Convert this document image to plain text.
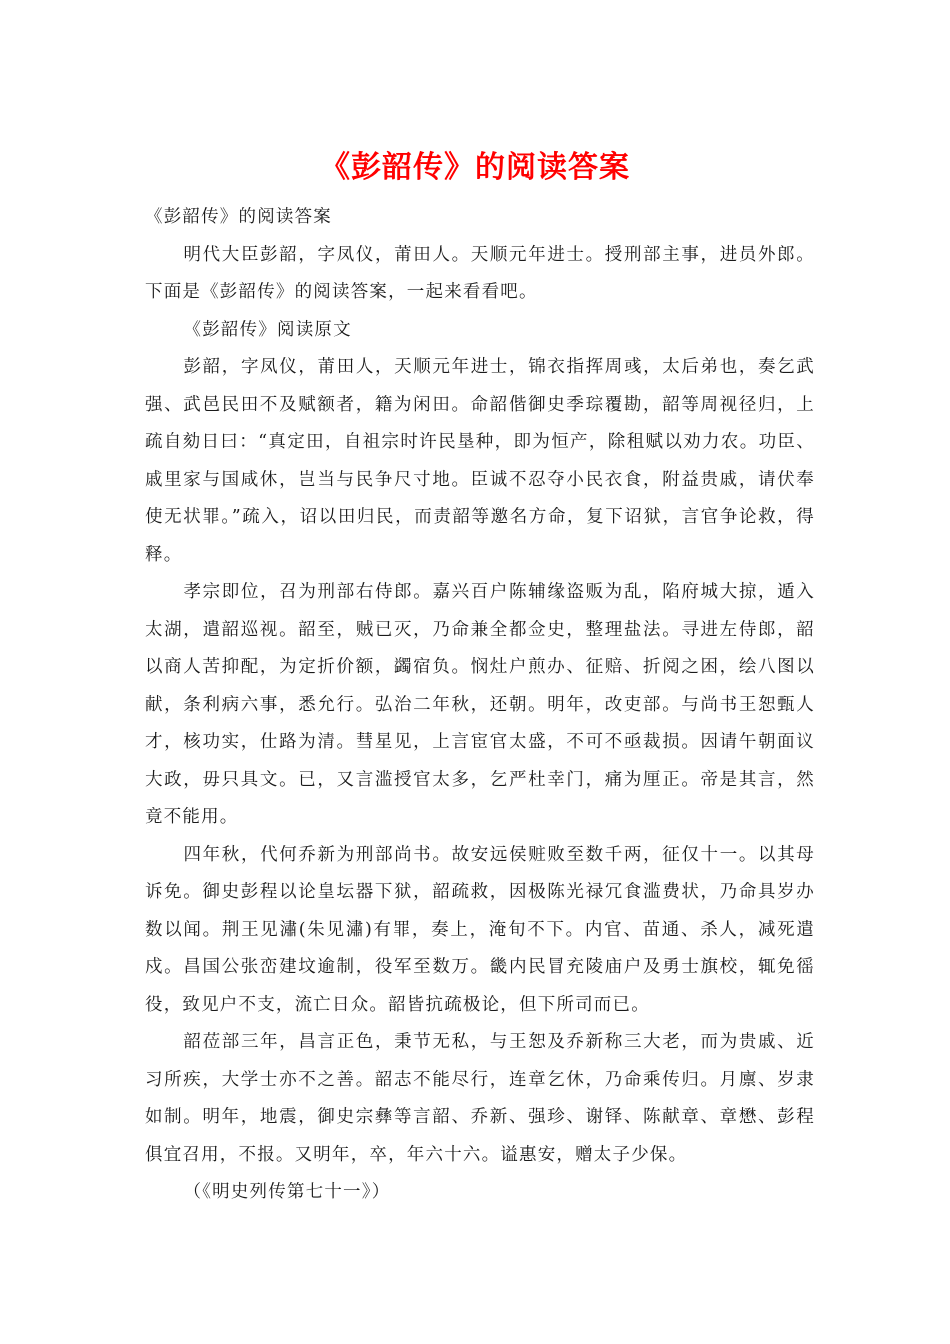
《彭韶传》的阅读答案

《彭韶传》的阅读答案

明代大臣彭韶，字凤仪，莆田人。天顺元年进士。授刑部主事，进员外郎。下面是《彭韶传》的阅读答案，一起来看看吧。

《彭韶传》阅读原文

彭韶，字凤仪，莆田人，天顺元年进士，锦衣指挥周彧，太后弟也，奏乞武强、武邑民田不及赋额者，籍为闲田。命韶偕御史季琮覆勘，韶等周视径归，上疏自劾日曰：“真定田，自祖宗时许民垦种，即为恒产，除租赋以劝力农。功臣、戚里家与国咸休，岂当与民争尺寸地。臣诚不忍夺小民衣食，附益贵戚，请伏奉使无状罪。”疏入，诏以田归民，而责韶等邀名方命，复下诏狱，言官争论救，得释。

孝宗即位，召为刑部右侍郎。嘉兴百户陈辅缘盗贩为乱，陷府城大掠，遁入太湖，遣韶巡视。韶至，贼已灭，乃命兼全都佥史，整理盐法。寻进左侍郎，韶以商人苦抑配，为定折价额，蠲宿负。悯灶户煎办、征赔、折阅之困，绘八图以献，条利病六事，悉允行。弘治二年秋，还朝。明年，改吏部。与尚书王恕甄人才，核功实，仕路为清。彗星见，上言宦官太盛，不可不亟裁损。因请午朝面议大政，毋只具文。已，又言滥授官太多，乞严杜幸门，痛为厘正。帝是其言，然竟不能用。

四年秋，代何乔新为刑部尚书。故安远侯赃败至数千两，征仅十一。以其母诉免。御史彭程以论皇坛器下狱，韶疏救，因极陈光禄冗食滥费状，乃命具岁办数以闻。荆王见潚(朱见潚)有罪，奏上，淹旬不下。内官、苗通、杀人，减死遣戍。昌国公张峦建坟逾制，役军至数万。畿内民冒充陵庙户及勇士旗校，辄免徭役，致见户不支，流亡日众。韶皆抗疏极论，但下所司而已。

韶莅部三年，昌言正色，秉节无私，与王恕及乔新称三大老，而为贵戚、近习所疾，大学士亦不之善。韶志不能尽行，连章乞休，乃命乘传归。月廪、岁隶如制。明年，地震，御史宗彝等言韶、乔新、强珍、谢铎、陈献章、章懋、彭程俱宜召用，不报。又明年，卒，年六十六。谥惠安，赠太子少保。

（《明史列传第七十一》）
